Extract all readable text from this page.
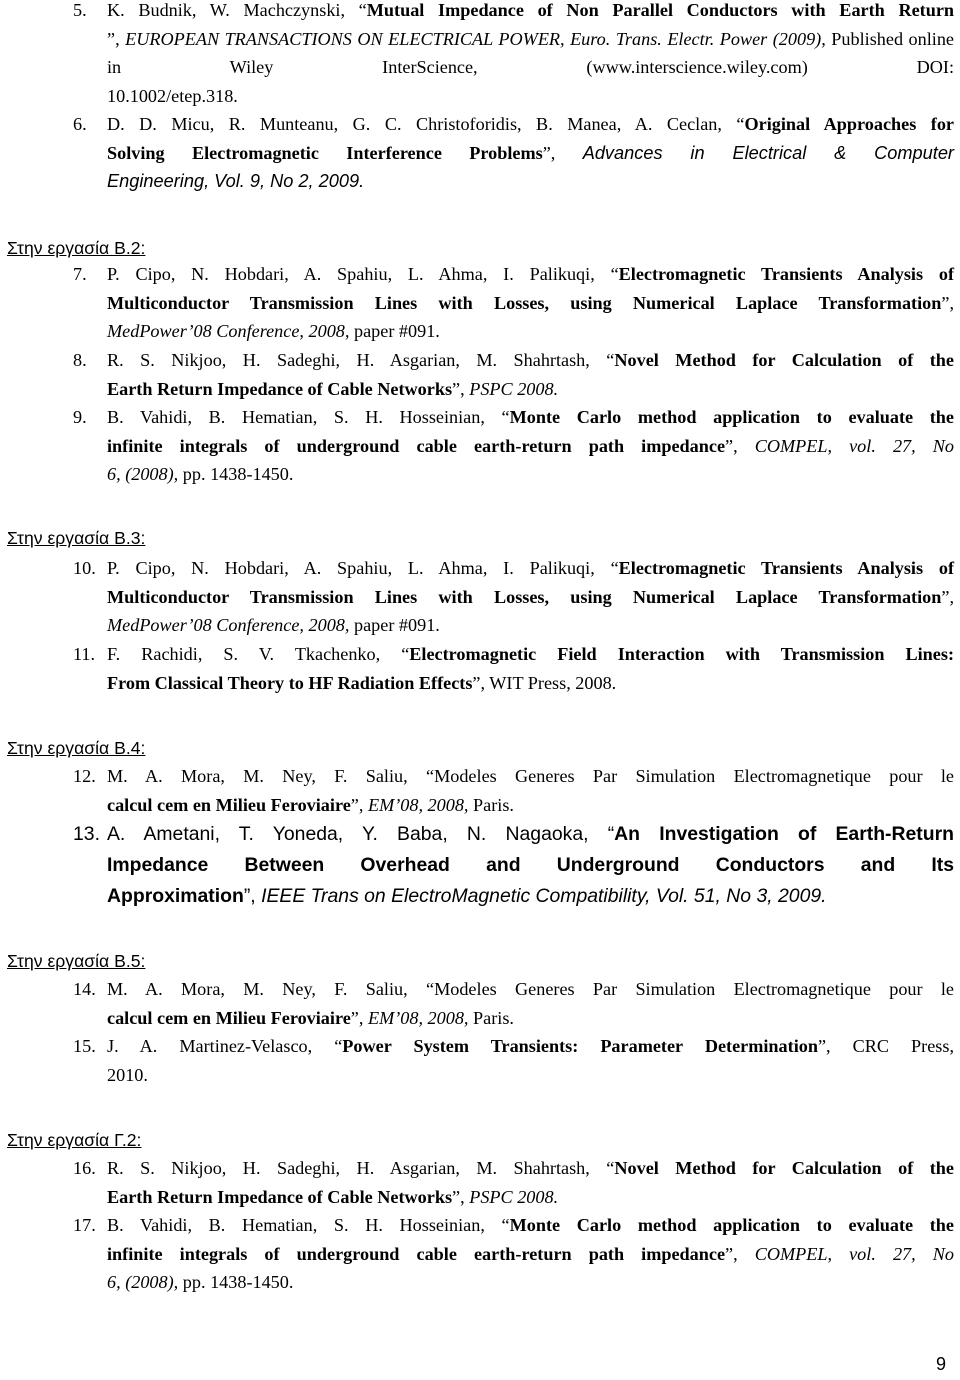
5. K. Budnik, W. Machczynski, “Mutual Impedance of Non Parallel Conductors with Earth Return
”, EUROPEAN TRANSACTIONS ON ELECTRICAL POWER, Euro. Trans. Electr. Power (2009), Published online in Wiley InterScience, (www.interscience.wiley.com) DOI:
10.1002/etep.318.
6. D. D. Micu, R. Munteanu, G. C. Christoforidis, B. Manea, A. Ceclan, “Original Approaches for
Solving Electromagnetic Interference Problems”, Advances in Electrical & Computer
Engineering, Vol. 9, No 2, 2009.
Στην εργασία Β.2:
7. P. Cipo, N. Hobdari, A. Spahiu, L. Ahma, I. Palikuqi, “Electromagnetic Transients Analysis of
Multiconductor Transmission Lines with Losses, using Numerical Laplace Transformation”,
MedPower’08 Conference, 2008, paper #091.
8. R. S. Nikjoo, H. Sadeghi, H. Asgarian, M. Shahrtash, “Novel Method for Calculation of the
Earth Return Impedance of Cable Networks”, PSPC 2008.
9. B. Vahidi, B. Hematian, S. H. Hosseinian, “Monte Carlo method application to evaluate the
infinite integrals of underground cable earth-return path impedance”, COMPEL, vol. 27, No
6, (2008), pp. 1438-1450.
Στην εργασία Β.3:
10. P. Cipo, N. Hobdari, A. Spahiu, L. Ahma, I. Palikuqi, “Electromagnetic Transients Analysis of
Multiconductor Transmission Lines with Losses, using Numerical Laplace Transformation”,
MedPower’08 Conference, 2008, paper #091.
11. F. Rachidi, S. V. Tkachenko, “Electromagnetic Field Interaction with Transmission Lines:
From Classical Theory to HF Radiation Effects”, WIT Press, 2008.
Στην εργασία Β.4:
12. M. A. Mora, M. Ney, F. Saliu, “Modeles Generes Par Simulation Electromagnetique pour le
calcul cem en Milieu Feroviaire”, EM’08, 2008, Paris.
13. A. Ametani, T. Yoneda, Y. Baba, N. Nagaoka, “An Investigation of Earth-Return
Impedance Between Overhead and Underground Conductors and Its
Approximation”, IEEE Trans on ElectroMagnetic Compatibility, Vol. 51, No 3, 2009.
Στην εργασία Β.5:
14. M. A. Mora, M. Ney, F. Saliu, “Modeles Generes Par Simulation Electromagnetique pour le
calcul cem en Milieu Feroviaire”, EM’08, 2008, Paris.
15. J. A. Martinez-Velasco, “Power System Transients: Parameter Determination”, CRC Press,
2010.
Στην εργασία Γ.2:
16. R. S. Nikjoo, H. Sadeghi, H. Asgarian, M. Shahrtash, “Novel Method for Calculation of the
Earth Return Impedance of Cable Networks”, PSPC 2008.
17. B. Vahidi, B. Hematian, S. H. Hosseinian, “Monte Carlo method application to evaluate the
infinite integrals of underground cable earth-return path impedance”, COMPEL, vol. 27, No
6, (2008), pp. 1438-1450.
9
